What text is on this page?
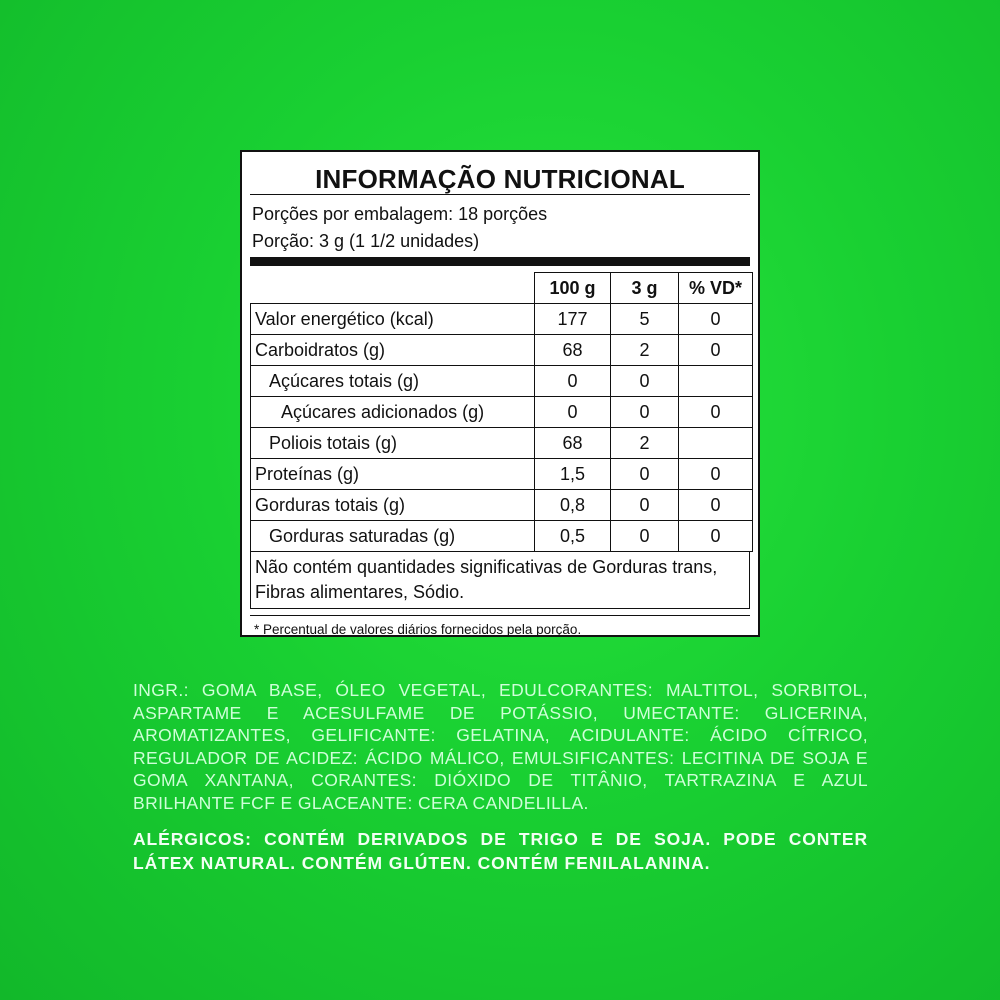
INFORMAÇÃO NUTRICIONAL
Porções por embalagem: 18 porções
Porção: 3 g (1 1/2 unidades)
	100 g	3 g	% VD*
Valor energético (kcal)	177	5	0
Carboidratos (g)	68	2	0
Açúcares totais (g)	0	0	
Açúcares adicionados (g)	0	0	0
Poliois totais (g)	68	2	
Proteínas (g)	1,5	0	0
Gorduras totais (g)	0,8	0	0
Gorduras saturadas (g)	0,5	0	0
Não contém quantidades significativas de Gorduras trans, Fibras alimentares, Sódio.
* Percentual de valores diários fornecidos pela porção.
INGR.: GOMA BASE, ÓLEO VEGETAL, EDULCORANTES: MALTITOL, SORBITOL, ASPARTAME E ACESULFAME DE POTÁSSIO, UMECTANTE: GLICERINA, AROMATIZANTES, GELIFICANTE: GELATINA, ACIDULANTE: ÁCIDO CÍTRICO, REGULADOR DE ACIDEZ: ÁCIDO MÁLICO, EMULSIFICANTES: LECITINA DE SOJA E GOMA XANTANA, CORANTES: DIÓXIDO DE TITÂNIO, TARTRAZINA E AZUL BRILHANTE FCF E GLACEANTE: CERA CANDELILLA.
ALÉRGICOS: CONTÉM DERIVADOS DE TRIGO E DE SOJA. PODE CONTER LÁTEX NATURAL. CONTÉM GLÚTEN. CONTÉM FENILALANINA.
